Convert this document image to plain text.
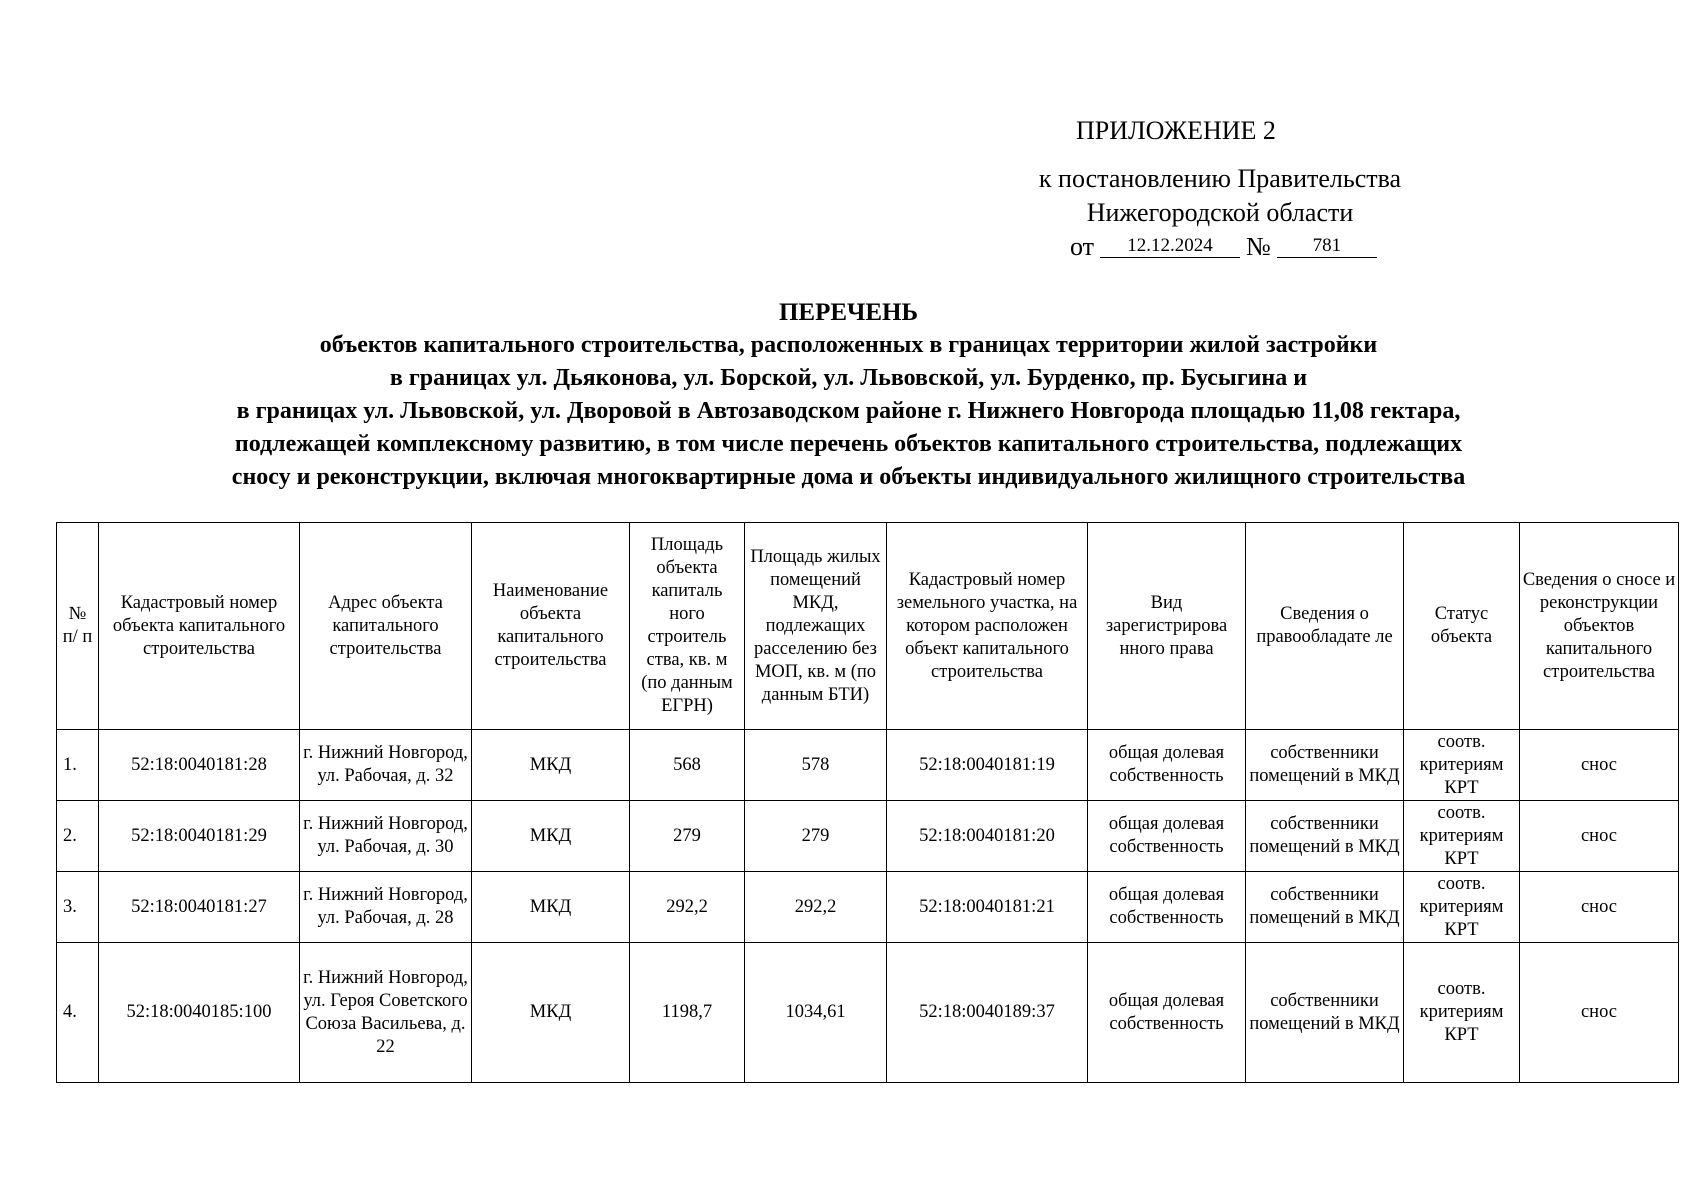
ПРИЛОЖЕНИЕ 2
к постановлению Правительства
Нижегородской области
от 12.12.2024 № 781
ПЕРЕЧЕНЬ
объектов капитального строительства, расположенных в границах территории жилой застройки
в границах ул. Дьяконова, ул. Борской, ул. Львовской, ул. Бурденко, пр. Бусыгина и
в границах ул. Львовской, ул. Дворовой в Автозаводском районе г. Нижнего Новгорода площадью 11,08 гектара,
подлежащей комплексному развитию, в том числе перечень объектов капитального строительства, подлежащих
сносу и реконструкции, включая многоквартирные дома и объекты индивидуального жилищного строительства
№ п/ п	Кадастровый номер объекта капитального строительства	Адрес объекта капитального строительства	Наименование объекта капитального строительства	Площадь объекта капиталь ного строитель ства, кв. м (по данным ЕГРН)	Площадь жилых помещений МКД, подлежащих расселению без МОП, кв. м (по данным БТИ)	Кадастровый номер земельного участка, на котором расположен объект капитального строительства	Вид зарегистрирова нного права	Сведения о правообладате ле	Статус объекта	Сведения о сносе и реконструкции объектов капитального строительства
1.	52:18:0040181:28	г. Нижний Новгород, ул. Рабочая, д. 32	МКД	568	578	52:18:0040181:19	общая долевая собственность	собственники помещений в МКД	соотв. критериям КРТ	снос
2.	52:18:0040181:29	г. Нижний Новгород, ул. Рабочая, д. 30	МКД	279	279	52:18:0040181:20	общая долевая собственность	собственники помещений в МКД	соотв. критериям КРТ	снос
3.	52:18:0040181:27	г. Нижний Новгород, ул. Рабочая, д. 28	МКД	292,2	292,2	52:18:0040181:21	общая долевая собственность	собственники помещений в МКД	соотв. критериям КРТ	снос
4.	52:18:0040185:100	г. Нижний Новгород, ул. Героя Советского Союза Васильева, д. 22	МКД	1198,7	1034,61	52:18:0040189:37	общая долевая собственность	собственники помещений в МКД	соотв. критериям КРТ	снос
